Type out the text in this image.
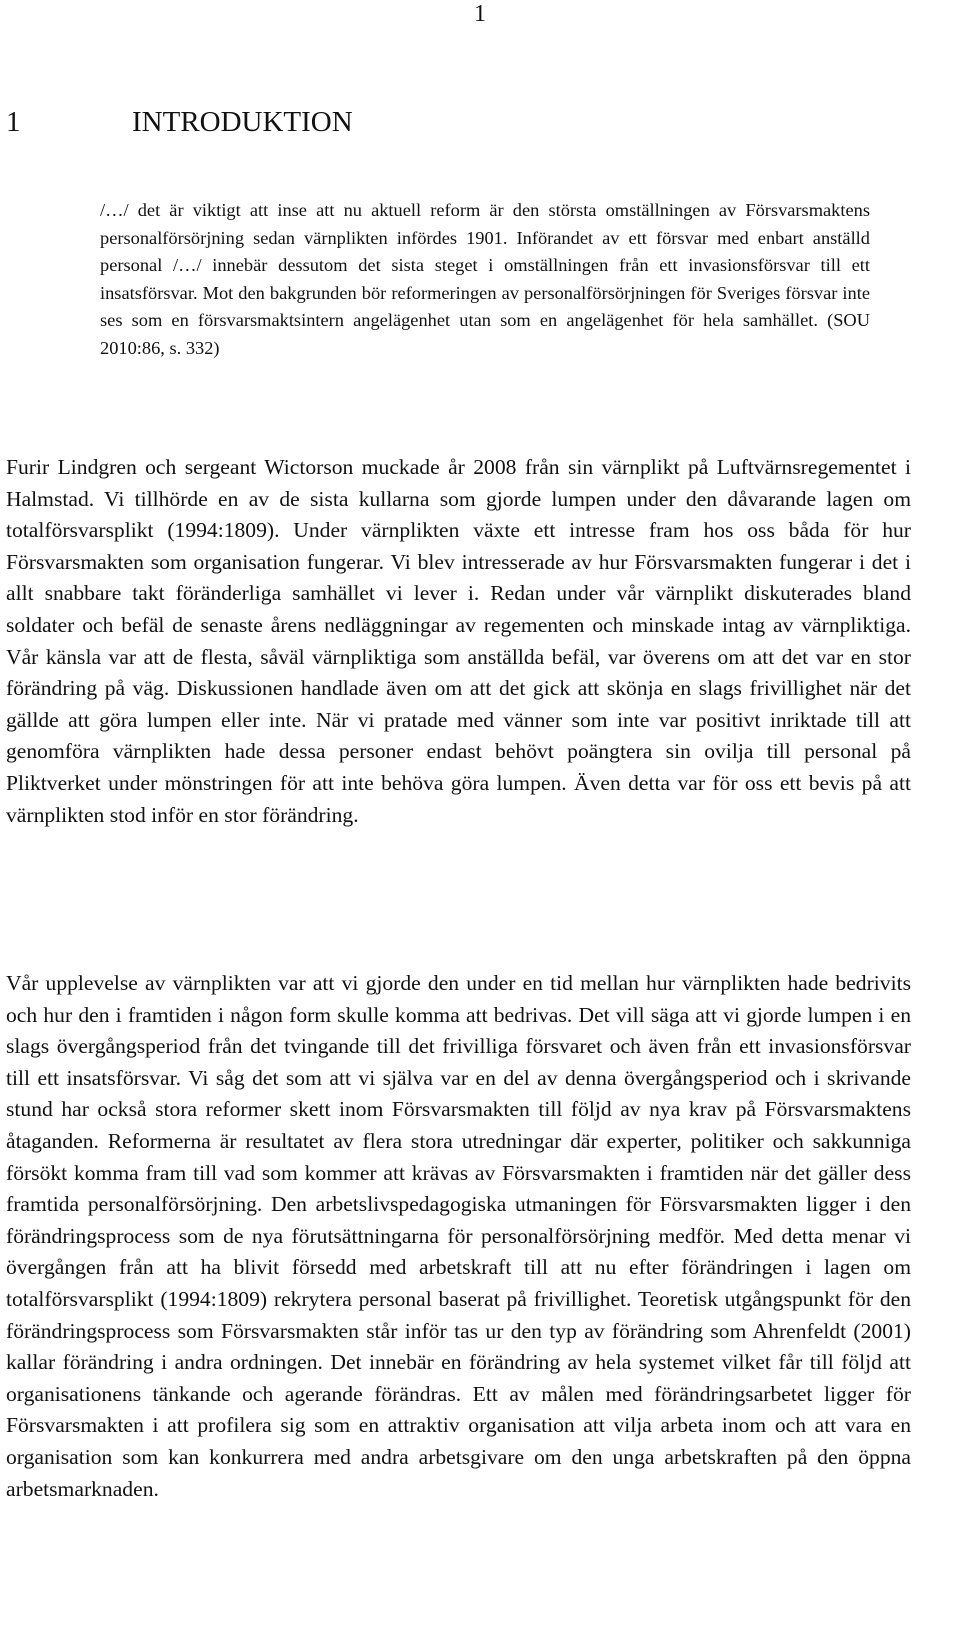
1
1	INTRODUKTION

/…/ det är viktigt att inse att nu aktuell reform är den största omställningen av Försvarsmaktens personalförsörjning sedan värnplikten infördes 1901. Införandet av ett försvar med enbart anställd personal /…/ innebär dessutom det sista steget i omställningen från ett invasionsförsvar till ett insatsförsvar. Mot den bakgrunden bör reformeringen av personalförsörjningen för Sveriges försvar inte ses som en försvarsmaktsintern angelägenhet utan som en angelägenhet för hela samhället. (SOU 2010:86, s. 332)

Furir Lindgren och sergeant Wictorson muckade år 2008 från sin värnplikt på Luftvärnsregementet i Halmstad. Vi tillhörde en av de sista kullarna som gjorde lumpen under den dåvarande lagen om totalförsvarsplikt (1994:1809). Under värnplikten växte ett intresse fram hos oss båda för hur Försvarsmakten som organisation fungerar. Vi blev intresserade av hur Försvarsmakten fungerar i det i allt snabbare takt föränderliga samhället vi lever i. Redan under vår värnplikt diskuterades bland soldater och befäl de senaste årens nedläggningar av regementen och minskade intag av värnpliktiga. Vår känsla var att de flesta, såväl värnpliktiga som anställda befäl, var överens om att det var en stor förändring på väg. Diskussionen handlade även om att det gick att skönja en slags frivillighet när det gällde att göra lumpen eller inte. När vi pratade med vänner som inte var positivt inriktade till att genomföra värnplikten hade dessa personer endast behövt poängtera sin ovilja till personal på Pliktverket under mönstringen för att inte behöva göra lumpen. Även detta var för oss ett bevis på att värnplikten stod inför en stor förändring.

Vår upplevelse av värnplikten var att vi gjorde den under en tid mellan hur värnplikten hade bedrivits och hur den i framtiden i någon form skulle komma att bedrivas. Det vill säga att vi gjorde lumpen i en slags övergångsperiod från det tvingande till det frivilliga försvaret och även från ett invasionsförsvar till ett insatsförsvar. Vi såg det som att vi själva var en del av denna övergångsperiod och i skrivande stund har också stora reformer skett inom Försvarsmakten till följd av nya krav på Försvarsmaktens åtaganden. Reformerna är resultatet av flera stora utredningar där experter, politiker och sakkunniga försökt komma fram till vad som kommer att krävas av Försvarsmakten i framtiden när det gäller dess framtida personalförsörjning. Den arbetslivspedagogiska utmaningen för Försvarsmakten ligger i den förändringsprocess som de nya förutsättningarna för personalförsörjning medför. Med detta menar vi övergången från att ha blivit försedd med arbetskraft till att nu efter förändringen i lagen om totalförsvarsplikt (1994:1809) rekrytera personal baserat på frivillighet. Teoretisk utgångspunkt för den förändringsprocess som Försvarsmakten står inför tas ur den typ av förändring som Ahrenfeldt (2001) kallar förändring i andra ordningen. Det innebär en förändring av hela systemet vilket får till följd att organisationens tänkande och agerande förändras. Ett av målen med förändringsarbetet ligger för Försvarsmakten i att profilera sig som en attraktiv organisation att vilja arbeta inom och att vara en organisation som kan konkurrera med andra arbetsgivare om den unga arbetskraften på den öppna arbetsmarknaden.
